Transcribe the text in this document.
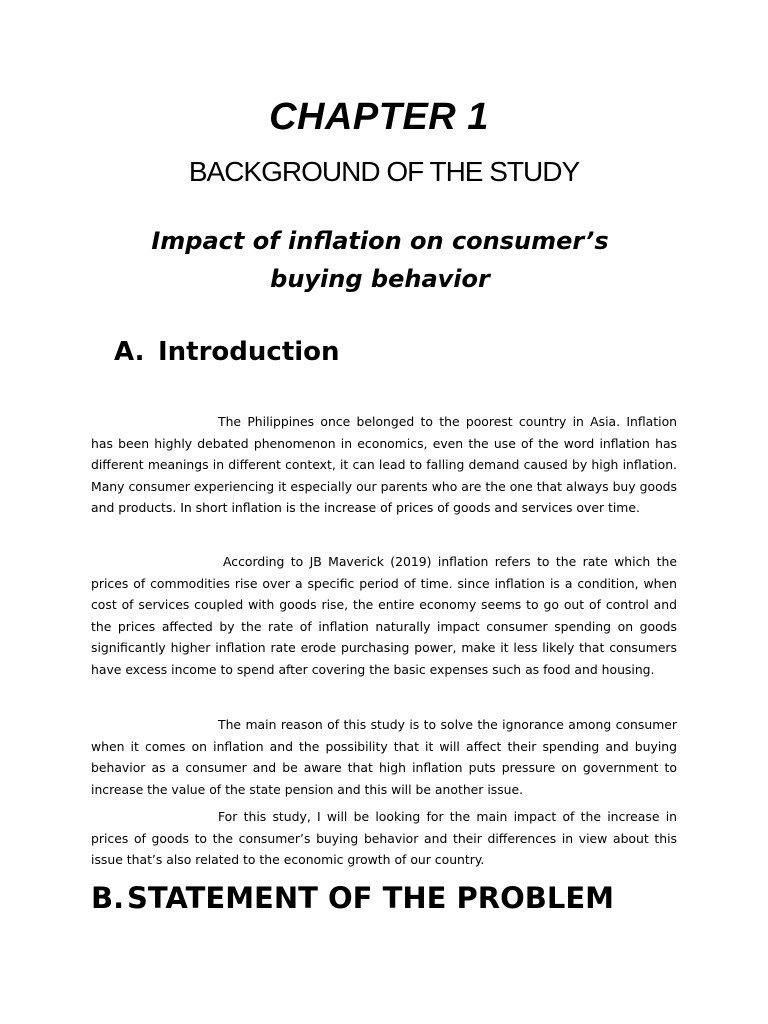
CHAPTER 1
BACKGROUND OF THE STUDY
Impact of inflation on consumer’s buying behavior
A. Introduction

The Philippines once belonged to the poorest country in Asia. Inflation has been highly debated phenomenon in economics, even the use of the word inflation has different meanings in different context, it can lead to falling demand caused by high inflation. Many consumer experiencing it especially our parents who are the one that always buy goods and products. In short inflation is the increase of prices of goods and services over time.

According to JB Maverick (2019) inflation refers to the rate which the prices of commodities rise over a specific period of time. since inflation is a condition, when cost of services coupled with goods rise, the entire economy seems to go out of control and the prices affected by the rate of inflation naturally impact consumer spending on goods significantly higher inflation rate erode purchasing power, make it less likely that consumers have excess income to spend after covering the basic expenses such as food and housing.

The main reason of this study is to solve the ignorance among consumer when it comes on inflation and the possibility that it will affect their spending and buying behavior as a consumer and be aware that high inflation puts pressure on government to increase the value of the state pension and this will be another issue.

For this study, I will be looking for the main impact of the increase in prices of goods to the consumer’s buying behavior and their differences in view about this issue that’s also related to the economic growth of our country.

B. STATEMENT OF THE PROBLEM
